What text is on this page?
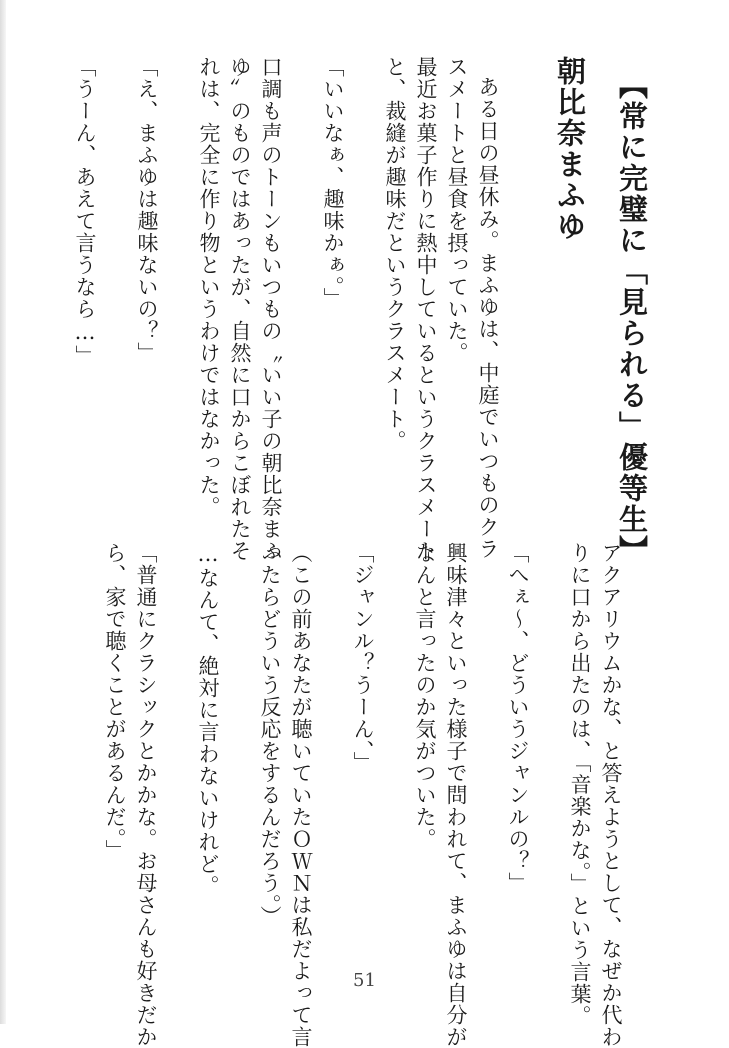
【常に完璧に「見られる」優等生】

朝比奈まふゆ

ある日の昼休み。まふゆは、中庭でいつものクラ

スメートと昼食を摂っていた。

最近お菓子作りに熱中しているというクラスメート

と、裁縫が趣味だというクラスメート。

「いいなぁ、趣味かぁ。」

口調も声のトーンもいつもの〝いい子の朝比奈まふ

ゆ〟のものではあったが、自然に口からこぼれたそ

れは、完全に作り物というわけではなかった。

「え、まふゆは趣味ないの？」

「うーん、あえて言うなら…」

アクアリウムかな、と答えようとして、なぜか代わ

りに口から出たのは、「音楽かな。」という言葉。

「へぇ〜、どういうジャンルの？」

興味津々といった様子で問われて、まふゆは自分が

なんと言ったのか気がついた。

「ジャンル？うーん、」

（この前あなたが聴いていたＯＷＮは私だよって言

ったらどういう反応をするんだろう。）

…なんて、絶対に言わないけれど。

「普通にクラシックとかかな。お母さんも好きだか

ら、家で聴くことがあるんだ。」

51
